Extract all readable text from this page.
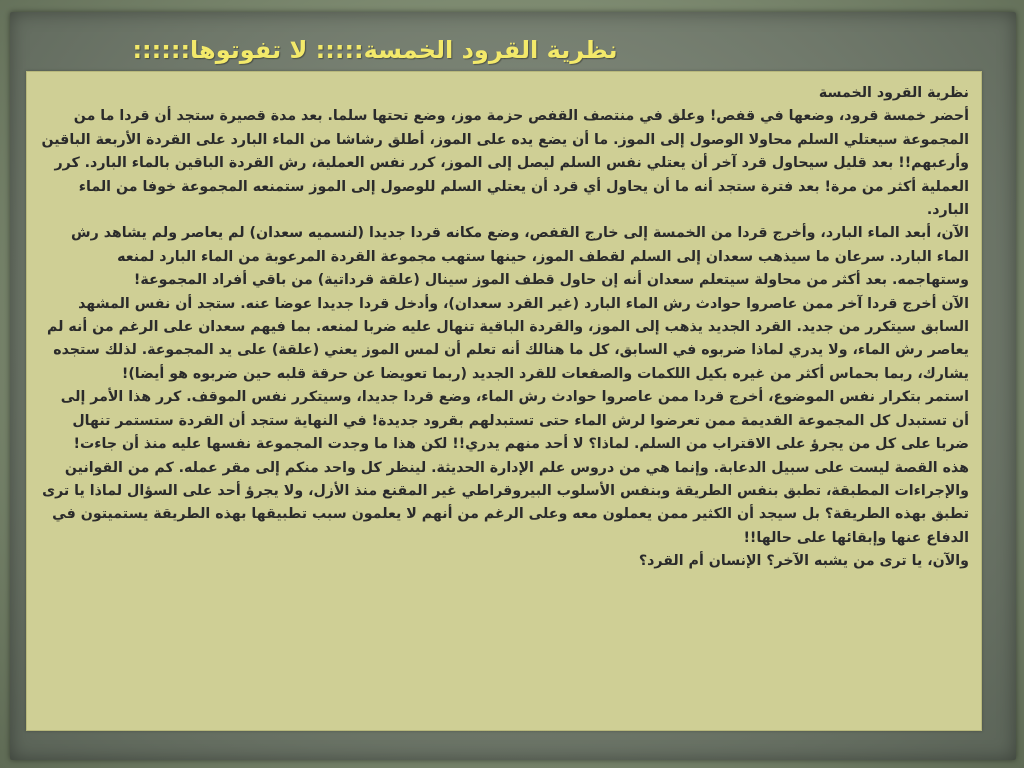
نظرية القرود الخمسة::::: لا تفوتوها::::::

نظرية القرود الخمسة

أحضر خمسة قرود، وضعها في قفص! وعلق في منتصف القفص حزمة موز، وضع تحتها سلما. بعد مدة قصيرة ستجد أن قردا ما من المجموعة سيعتلي السلم محاولا الوصول إلى الموز. ما أن يضع يده على الموز، أطلق رشاشا من الماء البارد على القردة الأربعة الباقين وأرعبهم!! بعد قليل سيحاول قرد آخر أن يعتلي نفس السلم ليصل إلى الموز، كرر نفس العملية، رش القردة الباقين بالماء البارد. كرر العملية أكثر من مرة! بعد فترة ستجد أنه ما أن يحاول أي قرد أن يعتلي السلم للوصول إلى الموز ستمنعه المجموعة خوفا من الماء البارد.

الآن، أبعد الماء البارد، وأخرج قردا من الخمسة إلى خارج القفص، وضع مكانه قردا جديدا (لنسميه سعدان) لم يعاصر ولم يشاهد رش الماء البارد. سرعان ما سيذهب سعدان إلى السلم لقطف الموز، حينها ستهب مجموعة القردة المرعوبة من الماء البارد لمنعه وستهاجمه. بعد أكثر من محاولة سيتعلم سعدان أنه إن حاول قطف الموز سينال (علقة قرداتية) من باقي أفراد المجموعة!

الآن أخرج قردا آخر ممن عاصروا حوادث رش الماء البارد (غير القرد سعدان)، وأدخل قردا جديدا عوضا عنه. ستجد أن نفس المشهد السابق سيتكرر من جديد. القرد الجديد يذهب إلى الموز، والقردة الباقية تنهال عليه ضربا لمنعه. بما فيهم سعدان على الرغم من أنه لم يعاصر رش الماء، ولا يدري لماذا ضربوه في السابق، كل ما هنالك أنه تعلم أن لمس الموز يعني (علقة) على يد المجموعة. لذلك ستجده يشارك، ربما بحماس أكثر من غيره بكيل اللكمات والصفعات للقرد الجديد (ربما تعويضا عن حرقة قلبه حين ضربوه هو أيضا)!

استمر بتكرار نفس الموضوع، أخرج قردا ممن عاصروا حوادث رش الماء، وضع قردا جديدا، وسيتكرر نفس الموقف. كرر هذا الأمر إلى أن تستبدل كل المجموعة القديمة ممن تعرضوا لرش الماء حتى تستبدلهم بقرود جديدة! في النهاية ستجد أن القردة ستستمر تنهال ضربا على كل من يجرؤ على الاقتراب من السلم. لماذا؟ لا أحد منهم يدري!! لكن هذا ما وجدت المجموعة نفسها عليه منذ أن جاءت!

هذه القصة ليست على سبيل الدعابة. وإنما هي من دروس علم الإدارة الحديثة. لينظر كل واحد منكم إلى مقر عمله. كم من القوانين والإجراءات المطبقة، تطبق بنفس الطريقة وبنفس الأسلوب البيروقراطي غير المقنع منذ الأزل، ولا يجرؤ أحد على السؤال لماذا يا ترى تطبق بهذه الطريقة؟ بل سيجد أن الكثير ممن يعملون معه وعلى الرغم من أنهم لا يعلمون سبب تطبيقها بهذه الطريقة يستميتون في الدفاع عنها وإبقائها على حالها!!

والآن، يا ترى من يشبه الآخر؟ الإنسان أم القرد؟
